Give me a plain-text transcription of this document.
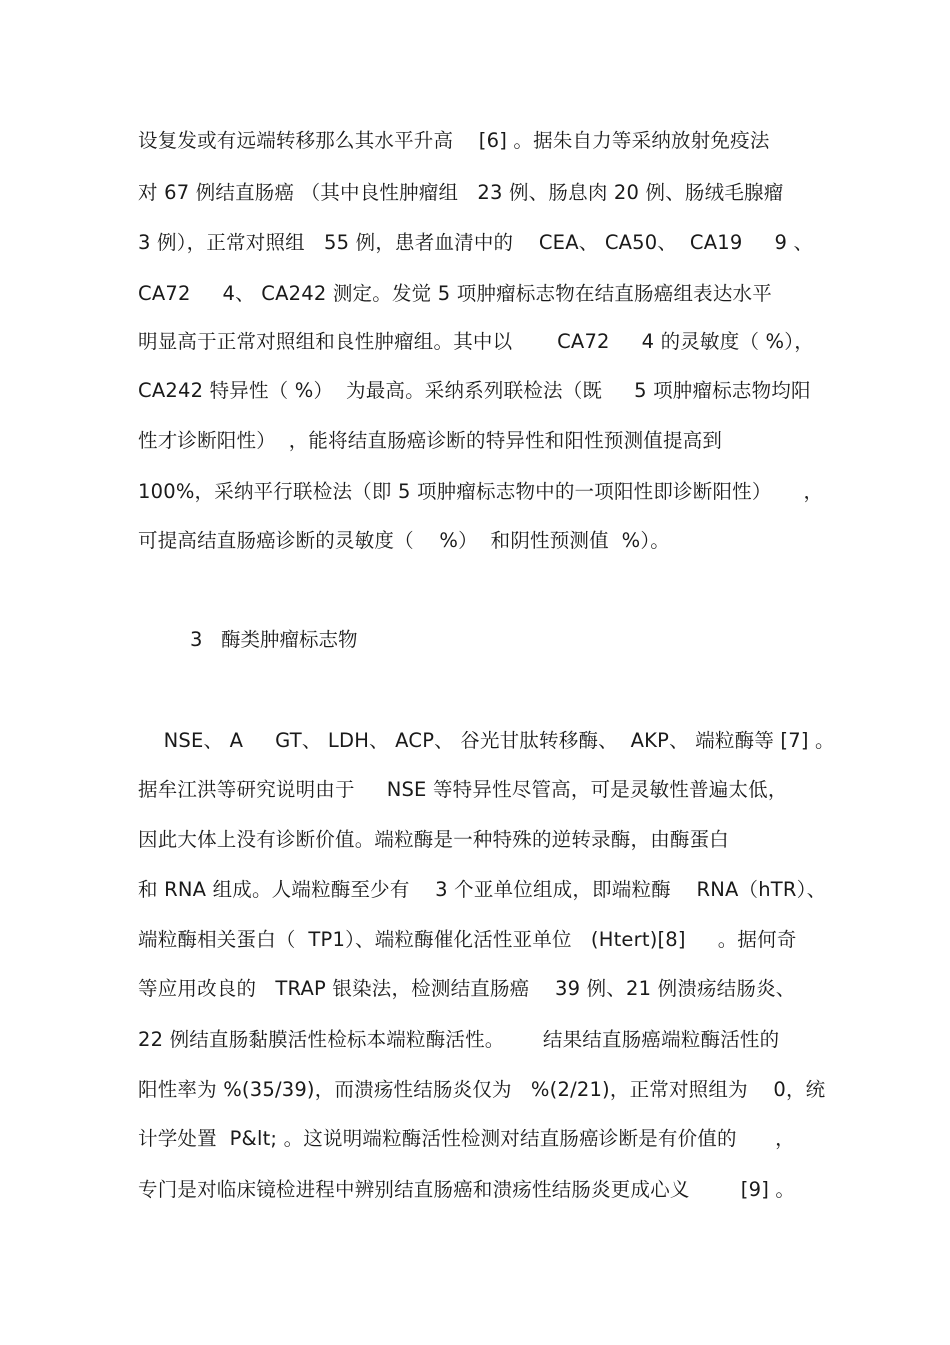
设复发或有远端转移那么其水平升高    [6] 。据朱自力等采纳放射免疫法
对 67 例结直肠癌 （其中良性肿瘤组   23 例、肠息肉 20 例、肠绒毛腺瘤
3 例），正常对照组   55 例，患者血清中的    CEA、 CA50、  CA19     9 、
CA72     4、 CA242 测定。发觉 5 项肿瘤标志物在结直肠癌组表达水平
明显高于正常对照组和良性肿瘤组。其中以       CA72     4 的灵敏度（ %），
CA242 特异性（ %）  为最高。采纳系列联检法（既     5 项肿瘤标志物均阳
性才诊断阳性）  ，能将结直肠癌诊断的特异性和阳性预测值提高到
100%，采纳平行联检法（即 5 项肿瘤标志物中的一项阳性即诊断阳性）     ，
可提高结直肠癌诊断的灵敏度（    %）  和阴性预测值  %）。
3   酶类肿瘤标志物
NSE、 A     GT、 LDH、 ACP、 谷光甘肽转移酶、  AKP、 端粒酶等 [7] 。
据牟江洪等研究说明由于     NSE 等特异性尽管高，可是灵敏性普遍太低，
因此大体上没有诊断价值。端粒酶是一种特殊的逆转录酶，由酶蛋白
和 RNA 组成。人端粒酶至少有    3 个亚单位组成，即端粒酶    RNA（hTR）、
端粒酶相关蛋白（  TP1）、端粒酶催化活性亚单位   (Htert)[8]     。据何奇
等应用改良的   TRAP 银染法，检测结直肠癌    39 例、21 例溃疡结肠炎、
22 例结直肠黏膜活性检标本端粒酶活性。      结果结直肠癌端粒酶活性的
阳性率为 %(35/39)，而溃疡性结肠炎仅为   %(2/21)，正常对照组为    0，统
计学处置  P&lt; 。这说明端粒酶活性检测对结直肠癌诊断是有价值的      ，
专门是对临床镜检进程中辨别结直肠癌和溃疡性结肠炎更成心义        [9] 。
